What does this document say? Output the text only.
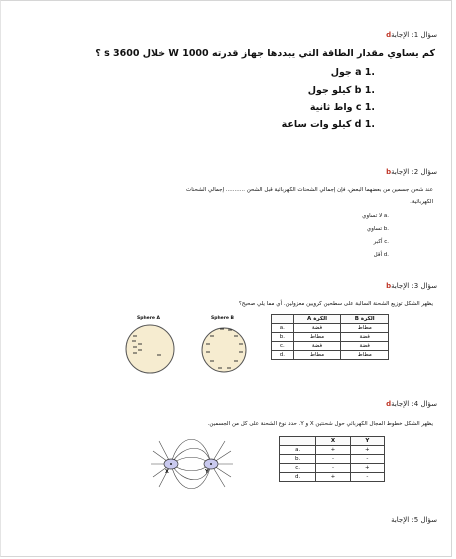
سؤال 1: الإجابةd
كم يساوي مقدار الطاقة التي يبددها جهاز قدرته 1000 W خلال 3600 s ؟
.a 1 جول
.b 1 كيلو جول
.c 1 واط ثانية
.d 1 كيلو وات ساعة
سؤال 2: الإجابةb
عند شحن جسمين من بعضهما البعض، فإن إجمالي الشحنات الكهربائية قبل الشحن ........... إجمالي الشحنات
الكهربائية.
.a لا تساوي
.b تساوي
.c أكبر
.d أقل
سؤال 3: الإجابةb
يظهر الشكل توزيع الشحنة السالبة على سطحين كرويين معزولين. أي مما يلي صحيح؟
Sphere A	Sphere B	الكرة B	الكرة A	
مطاط	فضة	.a
فضة	مطاط	.b
فضة	فضة	.c
مطاط	مطاط	.d
سؤال 4: الإجابةd
يظهر الشكل خطوط المجال الكهربائي حول شحنتين X و Y. حدد نوع الشحنة على كل من الجسمين.
X	Y
Y	X	
+	+	.a
-	-	.b
+	-	.c
-	+	.d
سؤال 5: الإجابة
